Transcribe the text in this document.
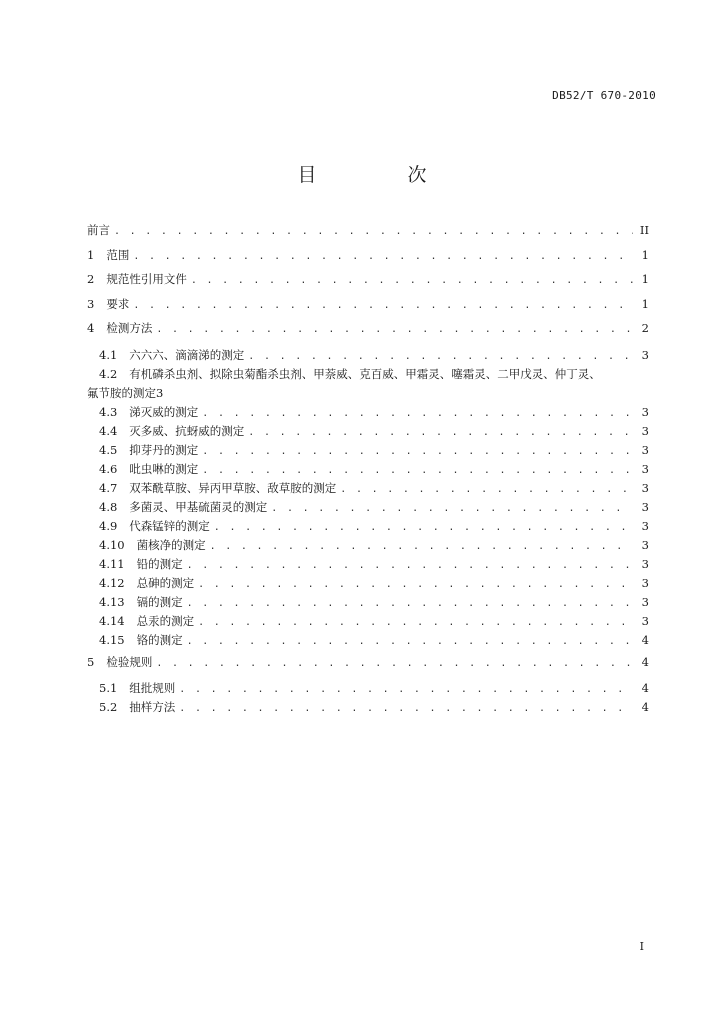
DB52/T 670-2010
目　次
前言 . . .	II
1 范围 . . .	1
2 规范性引用文件 . . .	1
3 要求 . . .	1
4 检测方法 . . .	2
4.1 六六六、滴滴涕的测定 . . .	3
4.2 有机磷杀虫剂、拟除虫菊酯杀虫剂、甲萘威、克百威、甲霜灵、噻霜灵、二甲戊灵、仲丁灵、
氟节胺的测定 3
4.3 涕灭威的测定 . . .	3
4.4 灭多威、抗蚜威的测定 . . .	3
4.5 抑芽丹的测定 . . .	3
4.6 吡虫啉的测定 . . .	3
4.7 双苯酰草胺、异丙甲草胺、敌草胺的测定 . . .	3
4.8 多菌灵、甲基硫菌灵的测定 . . .	3
4.9 代森锰锌的测定 . . .	3
4.10 菌核净的测定 . . .	3
4.11 铅的测定 . . .	3
4.12 总砷的测定 . . .	3
4.13 镉的测定 . . .	3
4.14 总汞的测定 . . .	3
4.15 铬的测定 . . .	4
5 检验规则 . . .	4
5.1 组批规则 . . .	4
5.2 抽样方法 . . .	4
I
